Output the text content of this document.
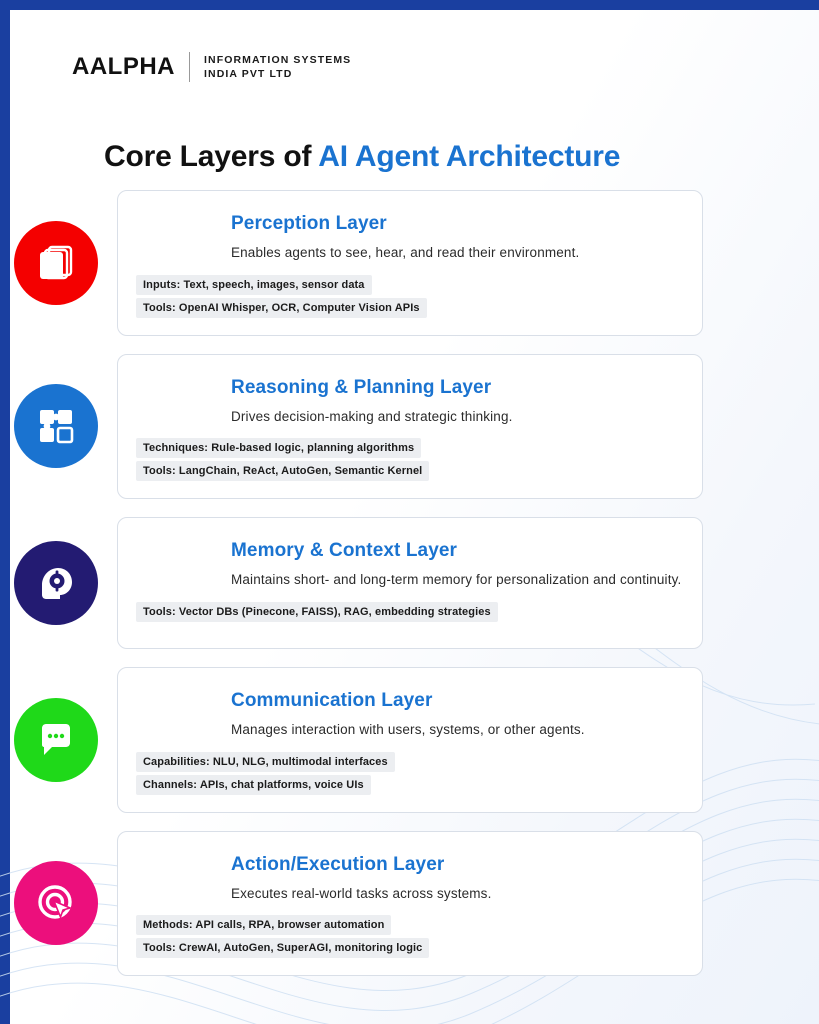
AALPHA	INFORMATION SYSTEMS
INDIA PVT LTD
Core Layers of AI Agent Architecture
Perception Layer
Enables agents to see, hear, and read their environment.
Inputs: Text, speech, images, sensor data
Tools: OpenAI Whisper, OCR, Computer Vision APIs
Reasoning & Planning Layer
Drives decision-making and strategic thinking.
Techniques: Rule-based logic, planning algorithms
Tools: LangChain, ReAct, AutoGen, Semantic Kernel
Memory & Context Layer
Maintains short- and long-term memory for personalization and continuity.
Tools: Vector DBs (Pinecone, FAISS), RAG, embedding strategies
Communication Layer
Manages interaction with users, systems, or other agents.
Capabilities: NLU, NLG, multimodal interfaces
Channels: APIs, chat platforms, voice UIs
Action/Execution Layer
Executes real-world tasks across systems.
Methods: API calls, RPA, browser automation
Tools: CrewAI, AutoGen, SuperAGI, monitoring logic
